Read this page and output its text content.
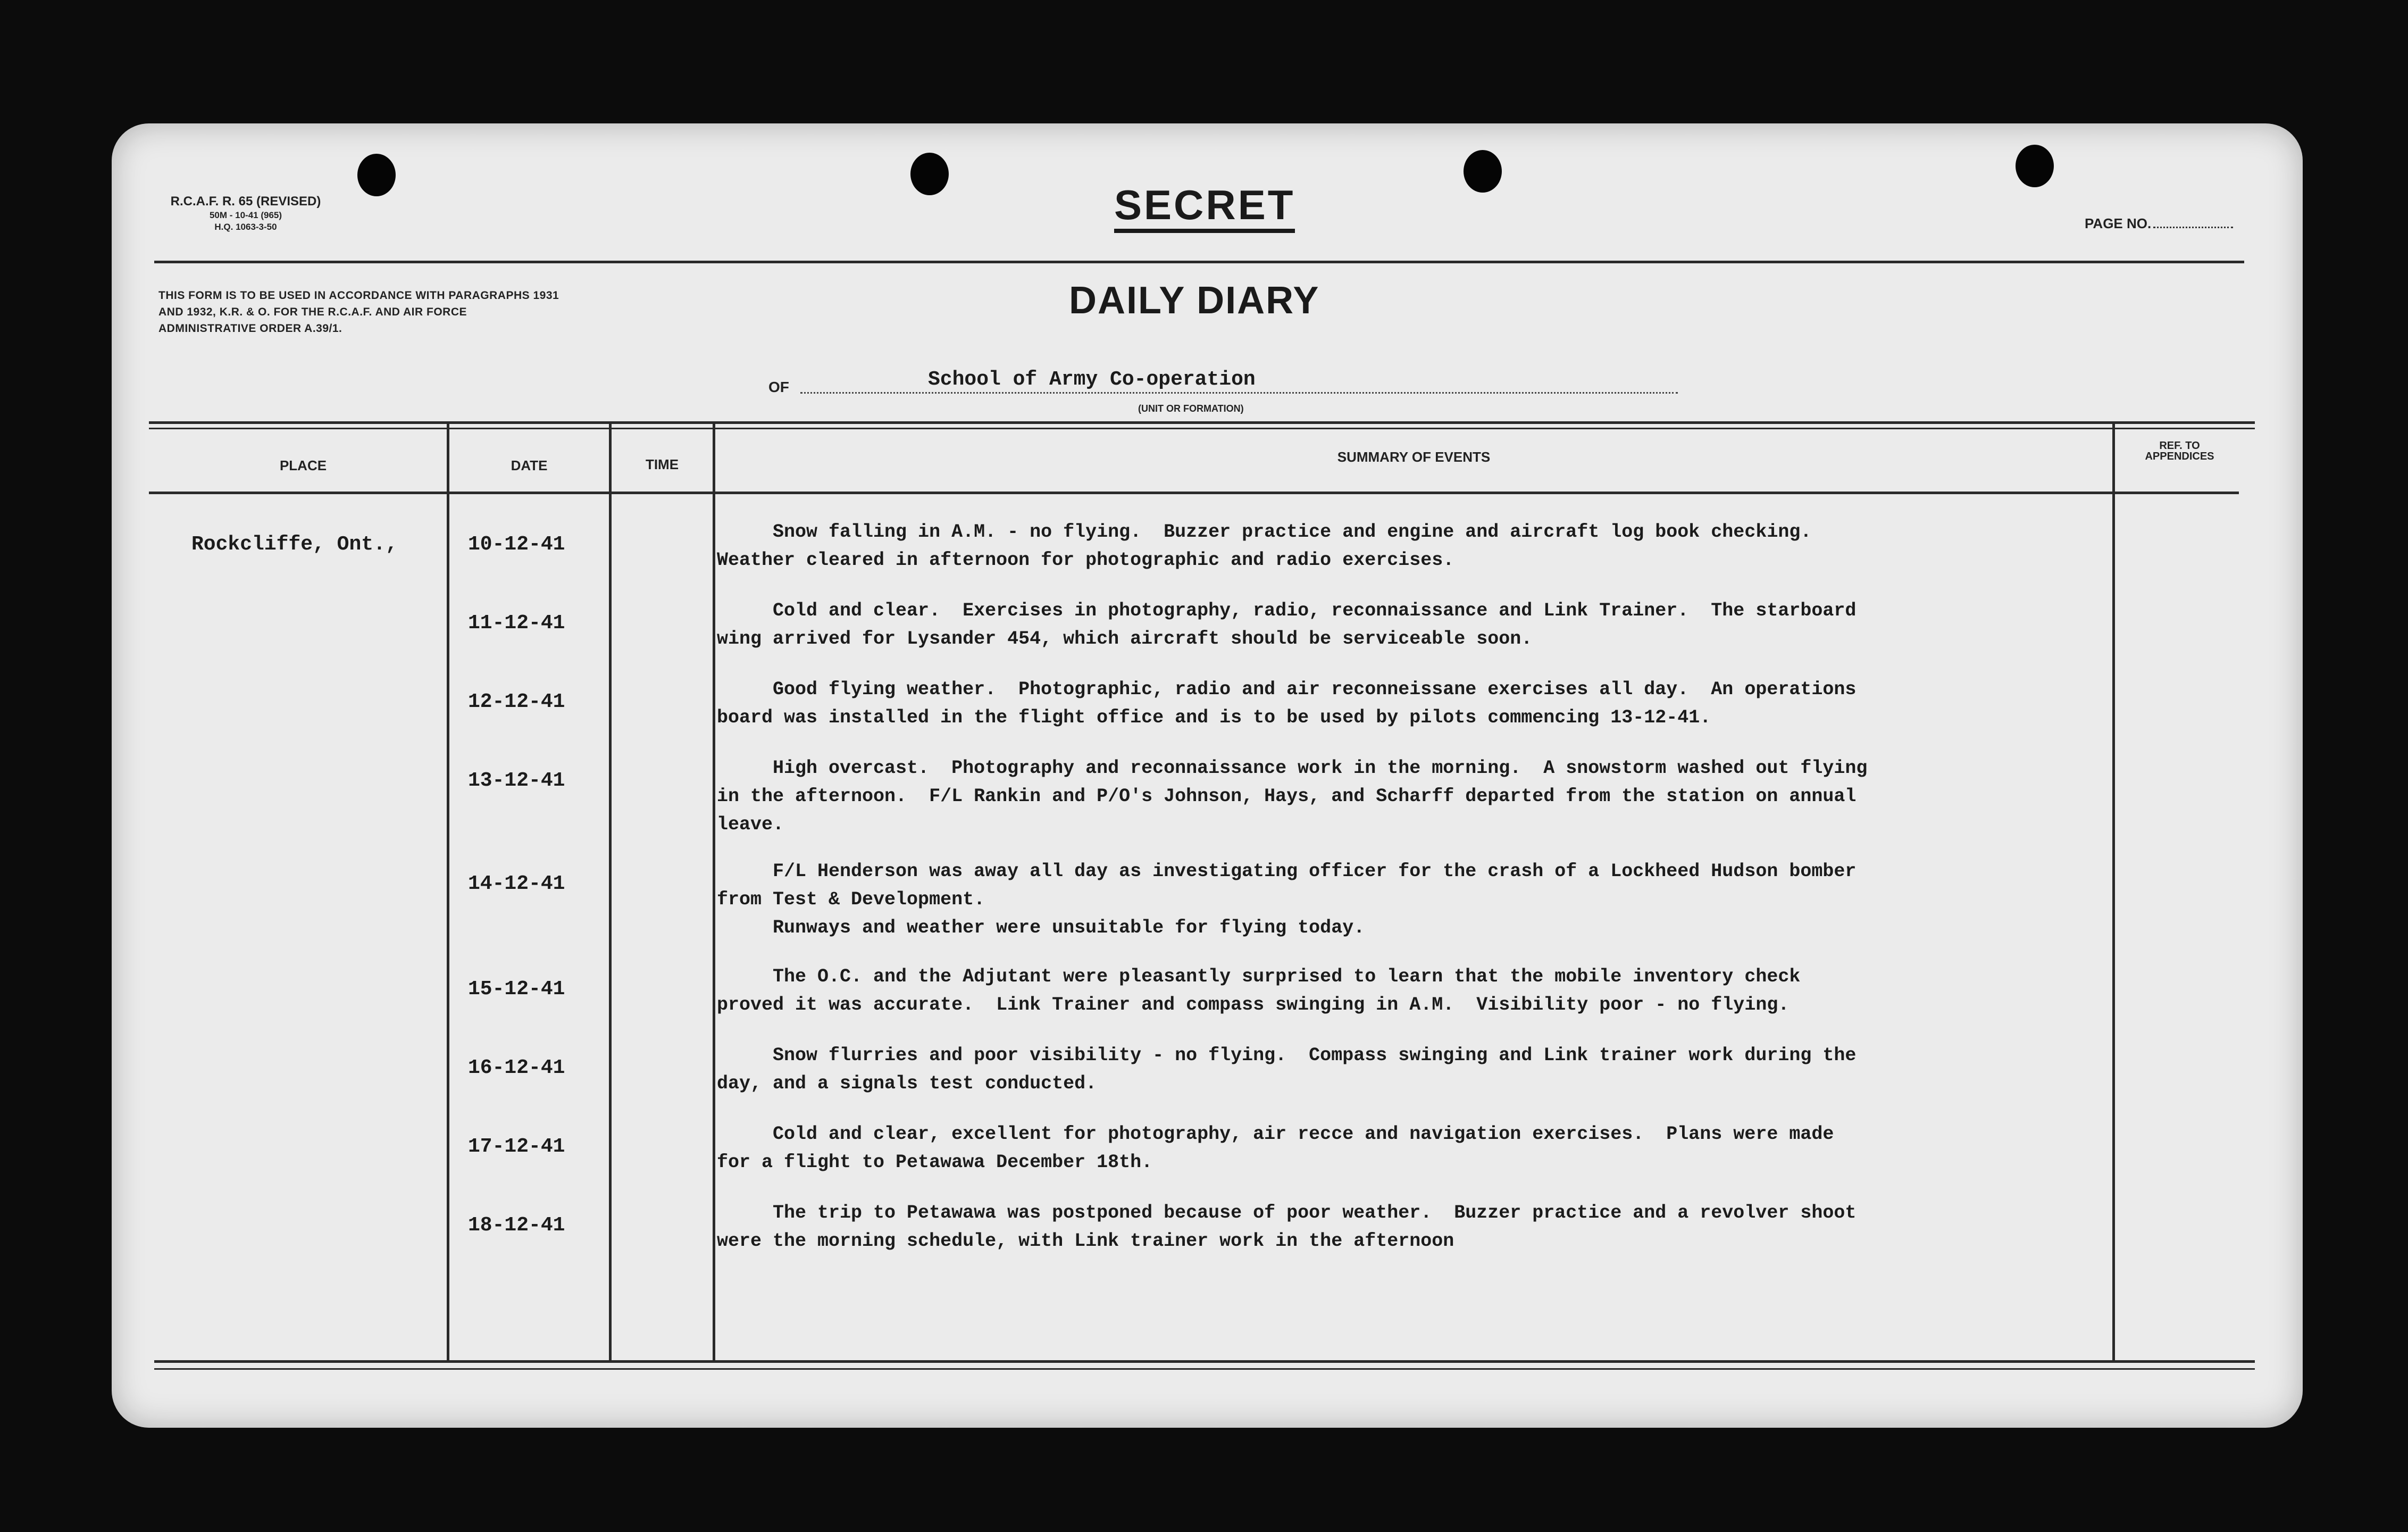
R.C.A.F. R. 65 (REVISED)
50M - 10-41 (965)
H.Q. 1063-3-50	SECRET	PAGE NO.
THIS FORM IS TO BE USED IN ACCORDANCE WITH PARAGRAPHS 1931 AND 1932, K.R. & O. FOR THE R.C.A.F. AND AIR FORCE ADMINISTRATIVE ORDER A.39/1.
DAILY DIARY
OF	School of Army Co-operation
(UNIT OR FORMATION)
PLACE	DATE	TIME	SUMMARY OF EVENTS
REF. TO
APPENDICES
Rockcliffe, Ont.,	10-12-41
Snow falling in A.M. - no flying.  Buzzer practice and engine and aircraft log book checking.
Weather cleared in afternoon for photographic and radio exercises.
11-12-41
Cold and clear.  Exercises in photography, radio, reconnaissance and Link Trainer.  The starboard
wing arrived for Lysander 454, which aircraft should be serviceable soon.
12-12-41
Good flying weather.  Photographic, radio and air reconneissane exercises all day.  An operations
board was installed in the flight office and is to be used by pilots commencing 13-12-41.
13-12-41
High overcast.  Photography and reconnaissance work in the morning.  A snowstorm washed out flying
in the afternoon.  F/L Rankin and P/O's Johnson, Hays, and Scharff departed from the station on annual
leave.
14-12-41
F/L Henderson was away all day as investigating officer for the crash of a Lockheed Hudson bomber
from Test & Development.
Runways and weather were unsuitable for flying today.
15-12-41
The O.C. and the Adjutant were pleasantly surprised to learn that the mobile inventory check
proved it was accurate.  Link Trainer and compass swinging in A.M.  Visibility poor - no flying.
16-12-41
Snow flurries and poor visibility - no flying.  Compass swinging and Link trainer work during the
day, and a signals test conducted.
17-12-41
Cold and clear, excellent for photography, air recce and navigation exercises.  Plans were made
for a flight to Petawawa December 18th.
18-12-41
The trip to Petawawa was postponed because of poor weather.  Buzzer practice and a revolver shoot
were the morning schedule, with Link trainer work in the afternoon
